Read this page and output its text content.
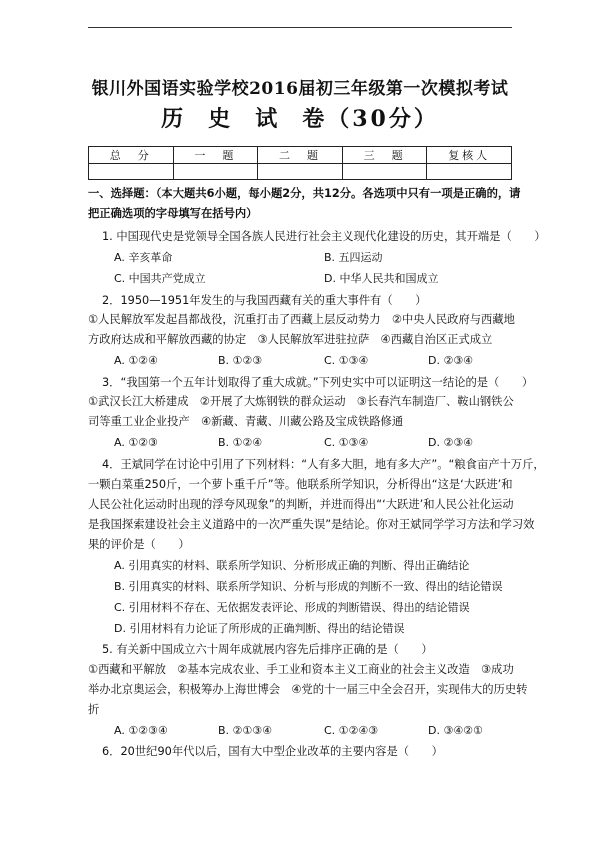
银川外国语实验学校2016届初三年级第一次模拟考试
历 史 试 卷（30分）
总　分	一　题	二　题	三　题	复核人

一、选择题：（本大题共6小题，每小题2分，共12分。各选项中只有一项是正确的，请
把正确选项的字母填写在括号内）
1. 中国现代史是党领导全国各族人民进行社会主义现代化建设的历史，其开端是（　　）
A. 辛亥革命	B. 五四运动
C. 中国共产党成立	D. 中华人民共和国成立
2．1950—1951年发生的与我国西藏有关的重大事件有（　　）
①人民解放军发起昌都战役，沉重打击了西藏上层反动势力　②中央人民政府与西藏地
方政府达成和平解放西藏的协定　③人民解放军进驻拉萨　④西藏自治区正式成立
A. ①②④	B. ①②③	C. ①③④	D. ②③④
3．“我国第一个五年计划取得了重大成就。”下列史实中可以证明这一结论的是（　　）
①武汉长江大桥建成　②开展了大炼钢铁的群众运动　③长春汽车制造厂、鞍山钢铁公
司等重工业企业投产　④新藏、青藏、川藏公路及宝成铁路修通
A. ①②③	B. ①②④	C. ①③④	D. ②③④
4．王斌同学在讨论中引用了下列材料：“人有多大胆，地有多大产”。“粮食亩产十万斤，
一颗白菜重250斤，一个萝卜重千斤”等。他联系所学知识，分析得出“这是‘大跃进’和
人民公社化运动时出现的浮夸风现象”的判断，并进而得出“‘大跃进’和人民公社化运动
是我国探索建设社会主义道路中的一次严重失误”是结论。你对王斌同学学习方法和学习效
果的评价是（　　）
A. 引用真实的材料、联系所学知识、分析形成正确的判断、得出正确结论
B. 引用真实的材料、联系所学知识、分析与形成的判断不一致、得出的结论错误
C. 引用材料不存在、无依据发表评论、形成的判断错误、得出的结论错误
D. 引用材料有力论证了所形成的正确判断、得出的结论错误
5. 有关新中国成立六十周年成就展内容先后排序正确的是（　　）
①西藏和平解放　②基本完成农业、手工业和资本主义工商业的社会主义改造　③成功
举办北京奥运会，积极筹办上海世博会　④党的十一届三中全会召开，实现伟大的历史转
折
A. ①②③④	B. ②①③④	C. ①②④③	D. ③④②①
6．20世纪90年代以后，国有大中型企业改革的主要内容是（　　）
